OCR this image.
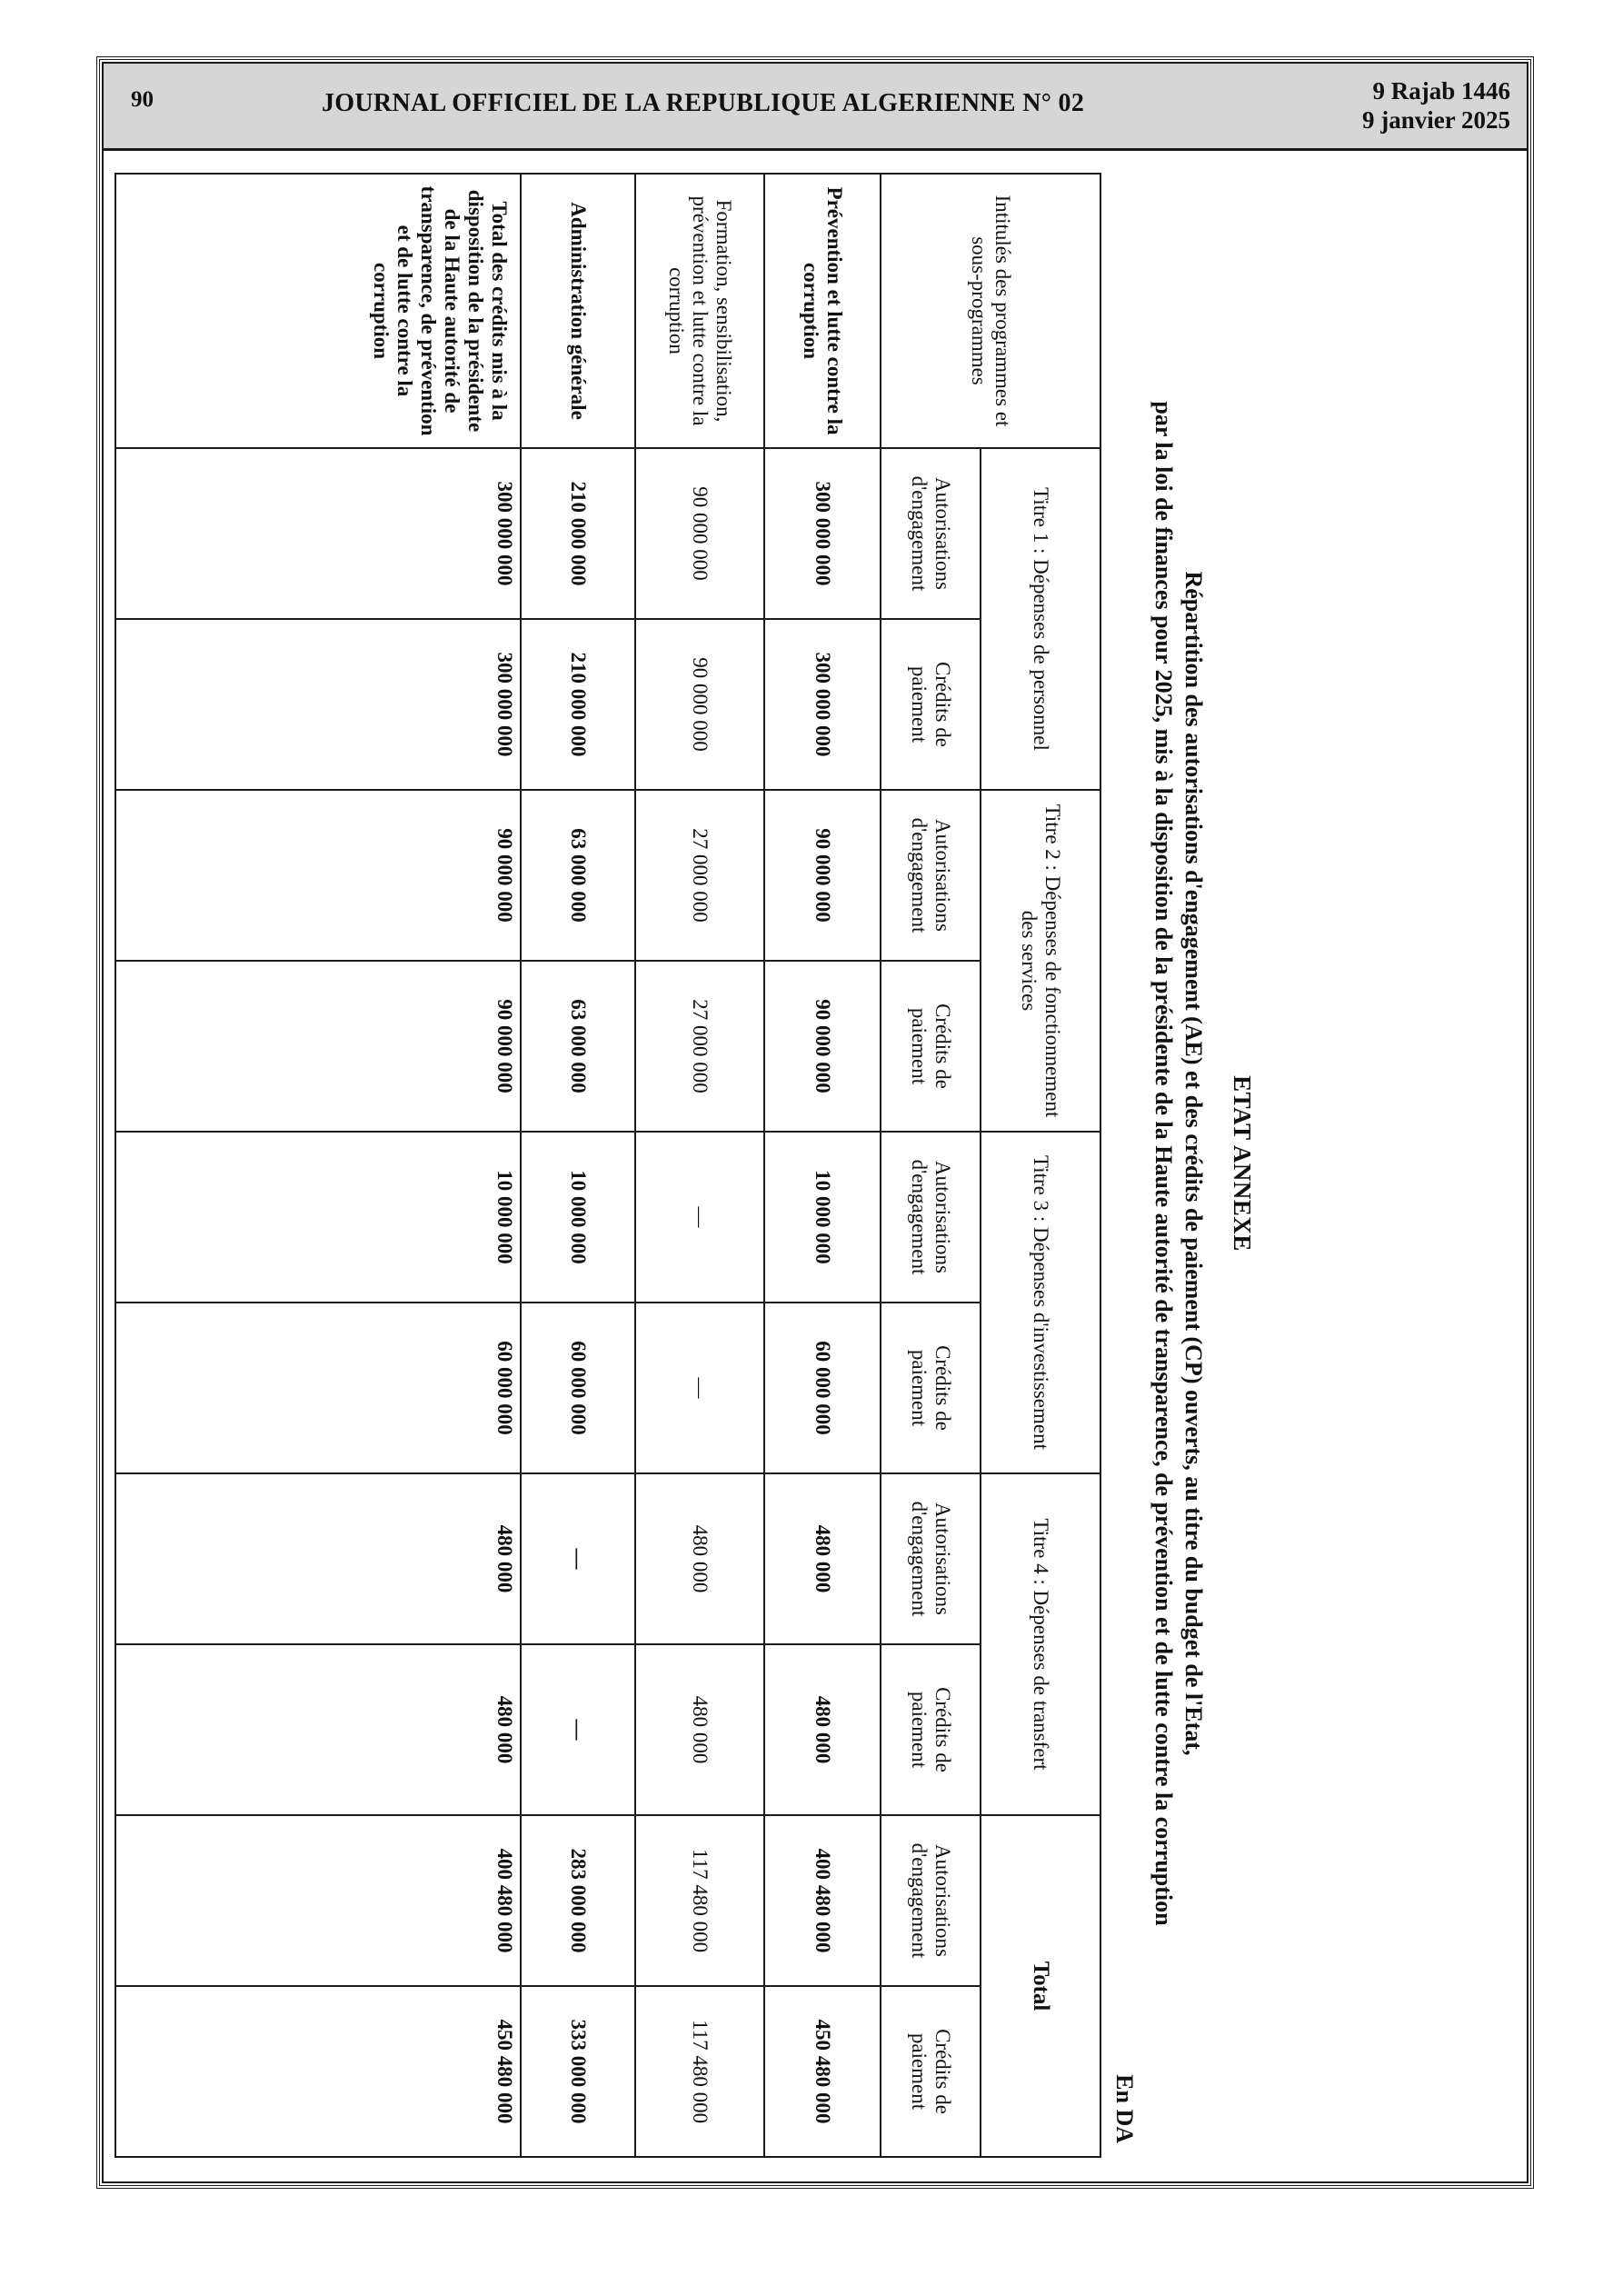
90	JOURNAL OFFICIEL DE LA REPUBLIQUE ALGERIENNE N° 02	9 Rajab 1446
9 janvier 2025
ETAT ANNEXE
Répartition des autorisations d'engagement (AE) et des crédits de paiement (CP) ouverts, au titre du budget de l'Etat,
par la loi de finances pour 2025, mis à la disposition de la présidente de la Haute autorité de transparence, de prévention et de lutte contre la corruption
En DA
Intitulés des programmes et sous-programmes	Titre 1 : Dépenses de personnel		Titre 2 : Dépenses de fonctionnement des services		Titre 3 : Dépenses d'investissement		Titre 4 : Dépenses de transfert		Total	
	Autorisations d'engagement	Crédits de paiement	Autorisations d'engagement	Crédits de paiement	Autorisations d'engagement	Crédits de paiement	Autorisations d'engagement	Crédits de paiement	Autorisations d'engagement	Crédits de paiement
Prévention et lutte contre la corruption	300 000 000	300 000 000	90 000 000	90 000 000	10 000 000	60 000 000	480 000	480 000	400 480 000	450 480 000
Formation, sensibilisation, prévention et lutte contre la corruption	90 000 000	90 000 000	27 000 000	27 000 000	—	—	480 000	480 000	117 480 000	117 480 000
Administration générale	210 000 000	210 000 000	63 000 000	63 000 000	10 000 000	60 000 000	—	—	283 000 000	333 000 000
Total des crédits mis à la disposition de la présidente de la Haute autorité de transparence, de prévention et de lutte contre la corruption	300 000 000	300 000 000	90 000 000	90 000 000	10 000 000	60 000 000	480 000	480 000	400 480 000	450 480 000
